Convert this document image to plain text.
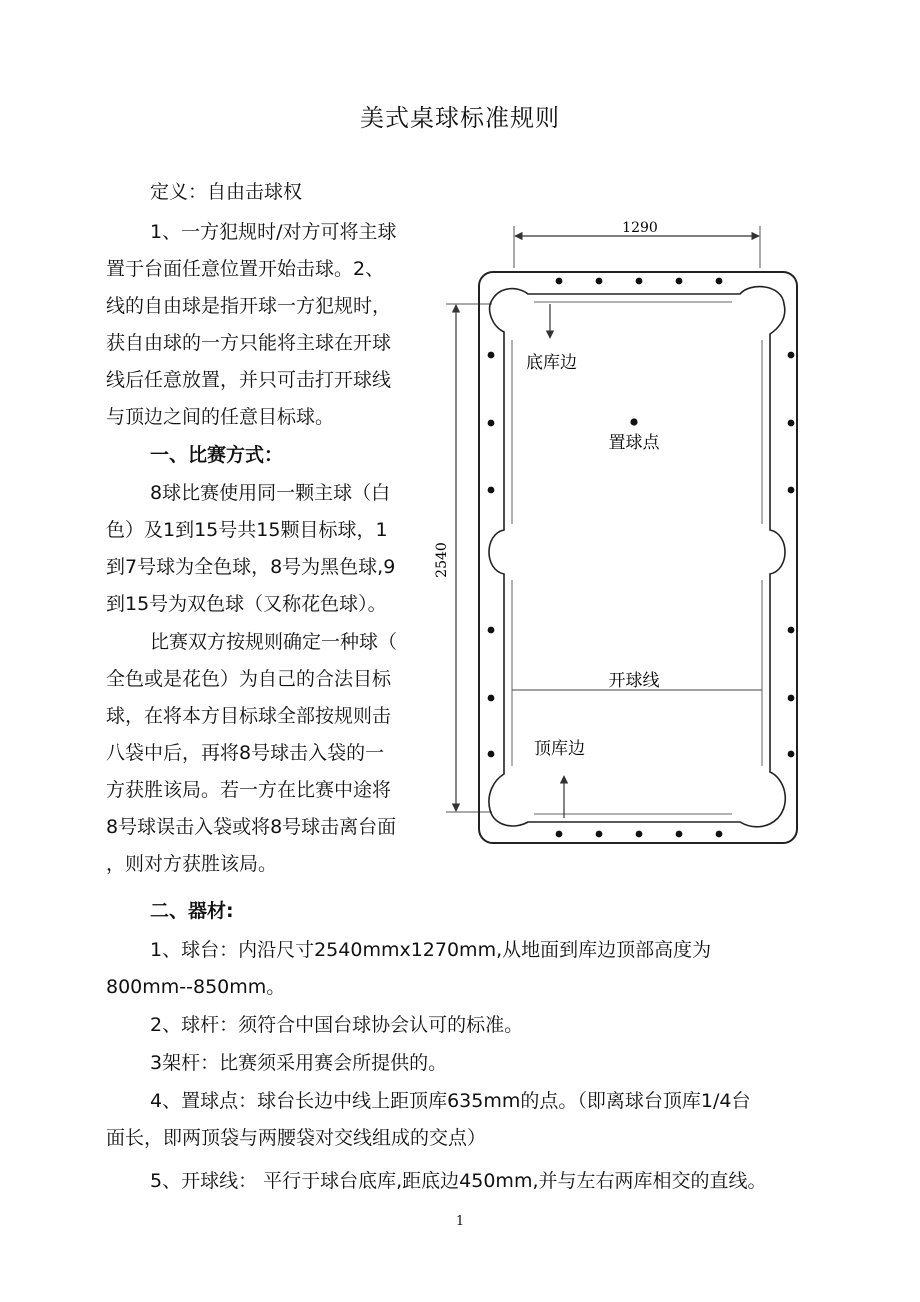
美式桌球标准规则

定义：自由击球权

1、一方犯规时/对方可将主球

置于台面任意位置开始击球。2、

线的自由球是指开球一方犯规时，

获自由球的一方只能将主球在开球

线后任意放置，并只可击打开球线

与顶边之间的任意目标球。

一、比赛方式：

8球比赛使用同一颗主球（白

色）及1到15号共15颗目标球，1

到7号球为全色球，8号为黑色球,9

到15号为双色球（又称花色球）。

比赛双方按规则确定一种球（

全色或是花色）为自己的合法目标

球，在将本方目标球全部按规则击

八袋中后，再将8号球击入袋的一

方获胜该局。若一方在比赛中途将

8号球误击入袋或将8号球击离台面

，则对方获胜该局。

二、器材:

1、球台：内沿尺寸2540mmx1270mm,从地面到库边顶部高度为

800mm--850mm。

2、球杆：须符合中国台球协会认可的标准。

3架杆：比赛须采用赛会所提供的。

4、置球点：球台长边中线上距顶库635mm的点。（即离球台顶库1/4台

面长，即两顶袋与两腰袋对交线组成的交点）

5、开球线： 平行于球台底库,距底边450mm,并与左右两库相交的直线。

1290
2540
置球点
开球线
底库边
顶库边
1
